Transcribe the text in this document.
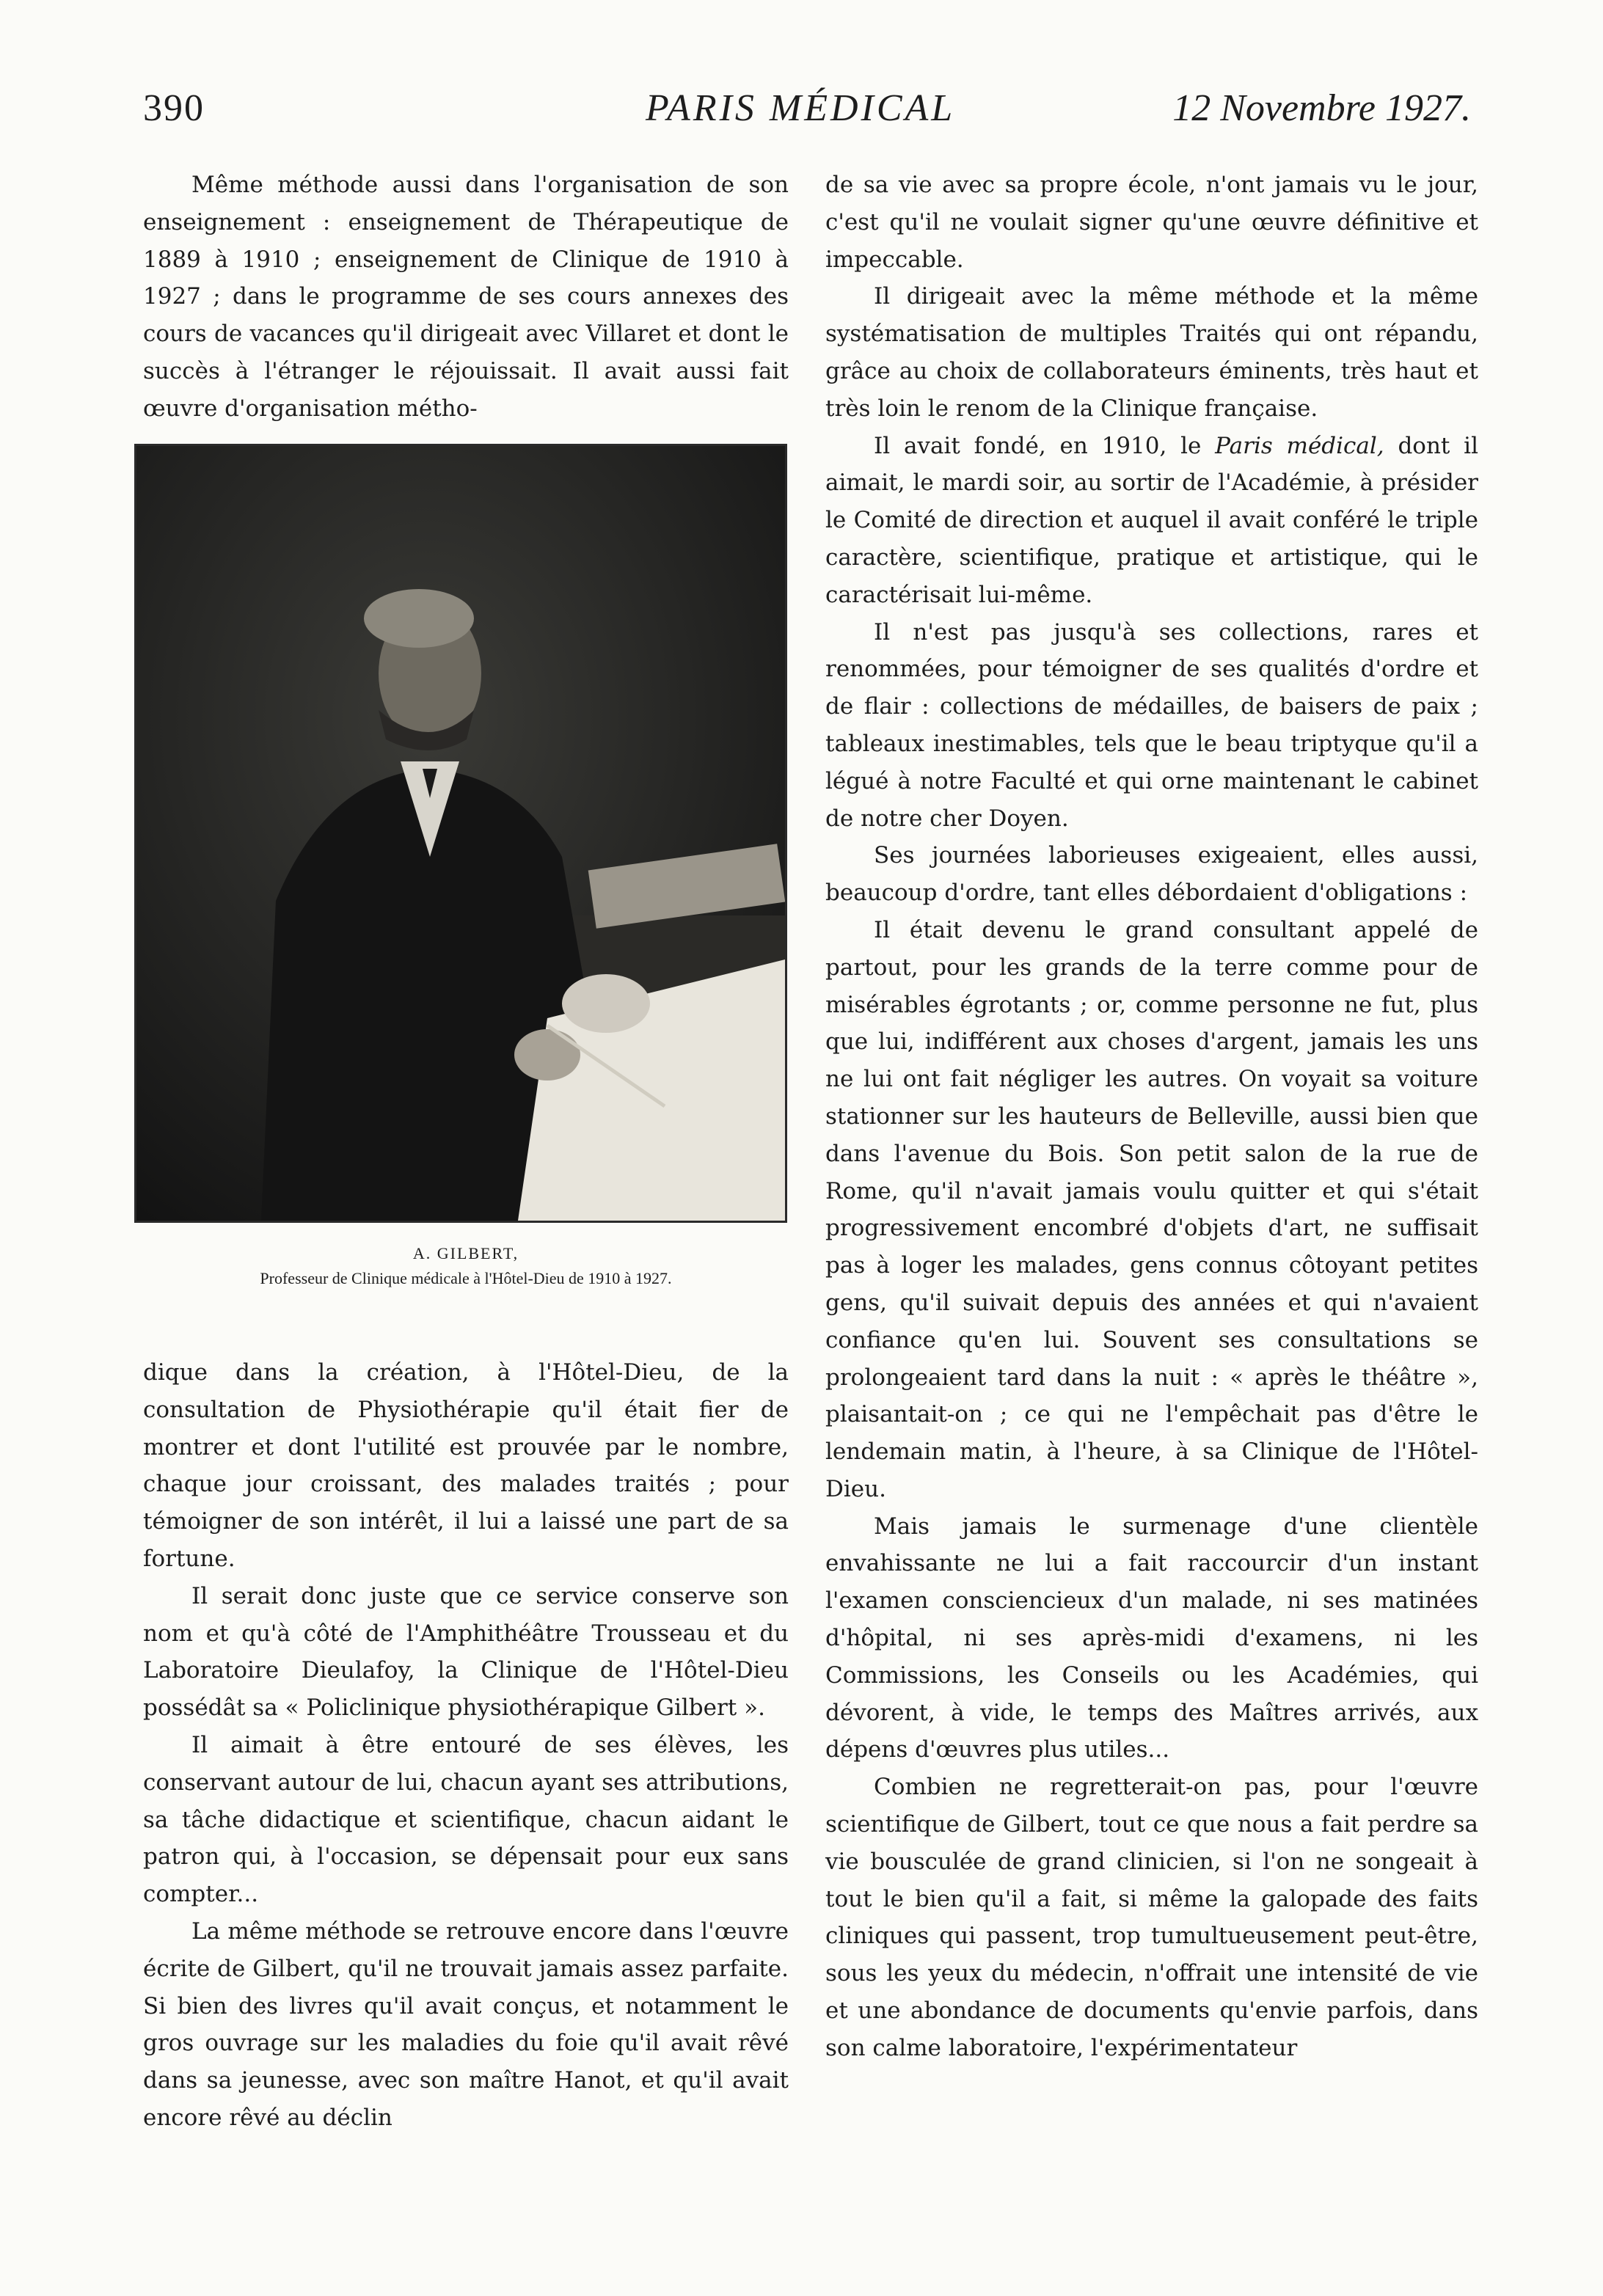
390	PARIS MÉDICAL	12 Novembre 1927.

Même méthode aussi dans l'organisation de son enseignement : enseignement de Thérapeutique de 1889 à 1910 ; enseignement de Clinique de 1910 à 1927 ; dans le programme de ses cours annexes des cours de vacances qu'il dirigeait avec Villaret et dont le succès à l'étranger le réjouissait. Il avait aussi fait œuvre d'organisation métho-

A. GILBERT,
Professeur de Clinique médicale à l'Hôtel-Dieu de 1910 à 1927.

dique dans la création, à l'Hôtel-Dieu, de la consultation de Physiothérapie qu'il était fier de montrer et dont l'utilité est prouvée par le nombre, chaque jour croissant, des malades traités ; pour témoigner de son intérêt, il lui a laissé une part de sa fortune.

Il serait donc juste que ce service conserve son nom et qu'à côté de l'Amphithéâtre Trousseau et du Laboratoire Dieulafoy, la Clinique de l'Hôtel-Dieu possédât sa « Policlinique physiothérapique Gilbert ».

Il aimait à être entouré de ses élèves, les conservant autour de lui, chacun ayant ses attributions, sa tâche didactique et scientifique, chacun aidant le patron qui, à l'occasion, se dépensait pour eux sans compter...

La même méthode se retrouve encore dans l'œuvre écrite de Gilbert, qu'il ne trouvait jamais assez parfaite. Si bien des livres qu'il avait conçus, et notamment le gros ouvrage sur les maladies du foie qu'il avait rêvé dans sa jeunesse, avec son maître Hanot, et qu'il avait encore rêvé au déclin

de sa vie avec sa propre école, n'ont jamais vu le jour, c'est qu'il ne voulait signer qu'une œuvre définitive et impeccable.

Il dirigeait avec la même méthode et la même systématisation de multiples Traités qui ont répandu, grâce au choix de collaborateurs éminents, très haut et très loin le renom de la Clinique française.

Il avait fondé, en 1910, le Paris médical, dont il aimait, le mardi soir, au sortir de l'Académie, à présider le Comité de direction et auquel il avait conféré le triple caractère, scientifique, pratique et artistique, qui le caractérisait lui-même.

Il n'est pas jusqu'à ses collections, rares et renommées, pour témoigner de ses qualités d'ordre et de flair : collections de médailles, de baisers de paix ; tableaux inestimables, tels que le beau triptyque qu'il a légué à notre Faculté et qui orne maintenant le cabinet de notre cher Doyen.

Ses journées laborieuses exigeaient, elles aussi, beaucoup d'ordre, tant elles débordaient d'obligations :

Il était devenu le grand consultant appelé de partout, pour les grands de la terre comme pour de misérables égrotants ; or, comme personne ne fut, plus que lui, indifférent aux choses d'argent, jamais les uns ne lui ont fait négliger les autres. On voyait sa voiture stationner sur les hauteurs de Belleville, aussi bien que dans l'avenue du Bois. Son petit salon de la rue de Rome, qu'il n'avait jamais voulu quitter et qui s'était progressivement encombré d'objets d'art, ne suffisait pas à loger les malades, gens connus côtoyant petites gens, qu'il suivait depuis des années et qui n'avaient confiance qu'en lui. Souvent ses consultations se prolongeaient tard dans la nuit : « après le théâtre », plaisantait-on ; ce qui ne l'empêchait pas d'être le lendemain matin, à l'heure, à sa Clinique de l'Hôtel-Dieu.

Mais jamais le surmenage d'une clientèle envahissante ne lui a fait raccourcir d'un instant l'examen consciencieux d'un malade, ni ses matinées d'hôpital, ni ses après-midi d'examens, ni les Commissions, les Conseils ou les Académies, qui dévorent, à vide, le temps des Maîtres arrivés, aux dépens d'œuvres plus utiles...

Combien ne regretterait-on pas, pour l'œuvre scientifique de Gilbert, tout ce que nous a fait perdre sa vie bousculée de grand clinicien, si l'on ne songeait à tout le bien qu'il a fait, si même la galopade des faits cliniques qui passent, trop tumultueusement peut-être, sous les yeux du médecin, n'offrait une intensité de vie et une abondance de documents qu'envie parfois, dans son calme laboratoire, l'expérimentateur
